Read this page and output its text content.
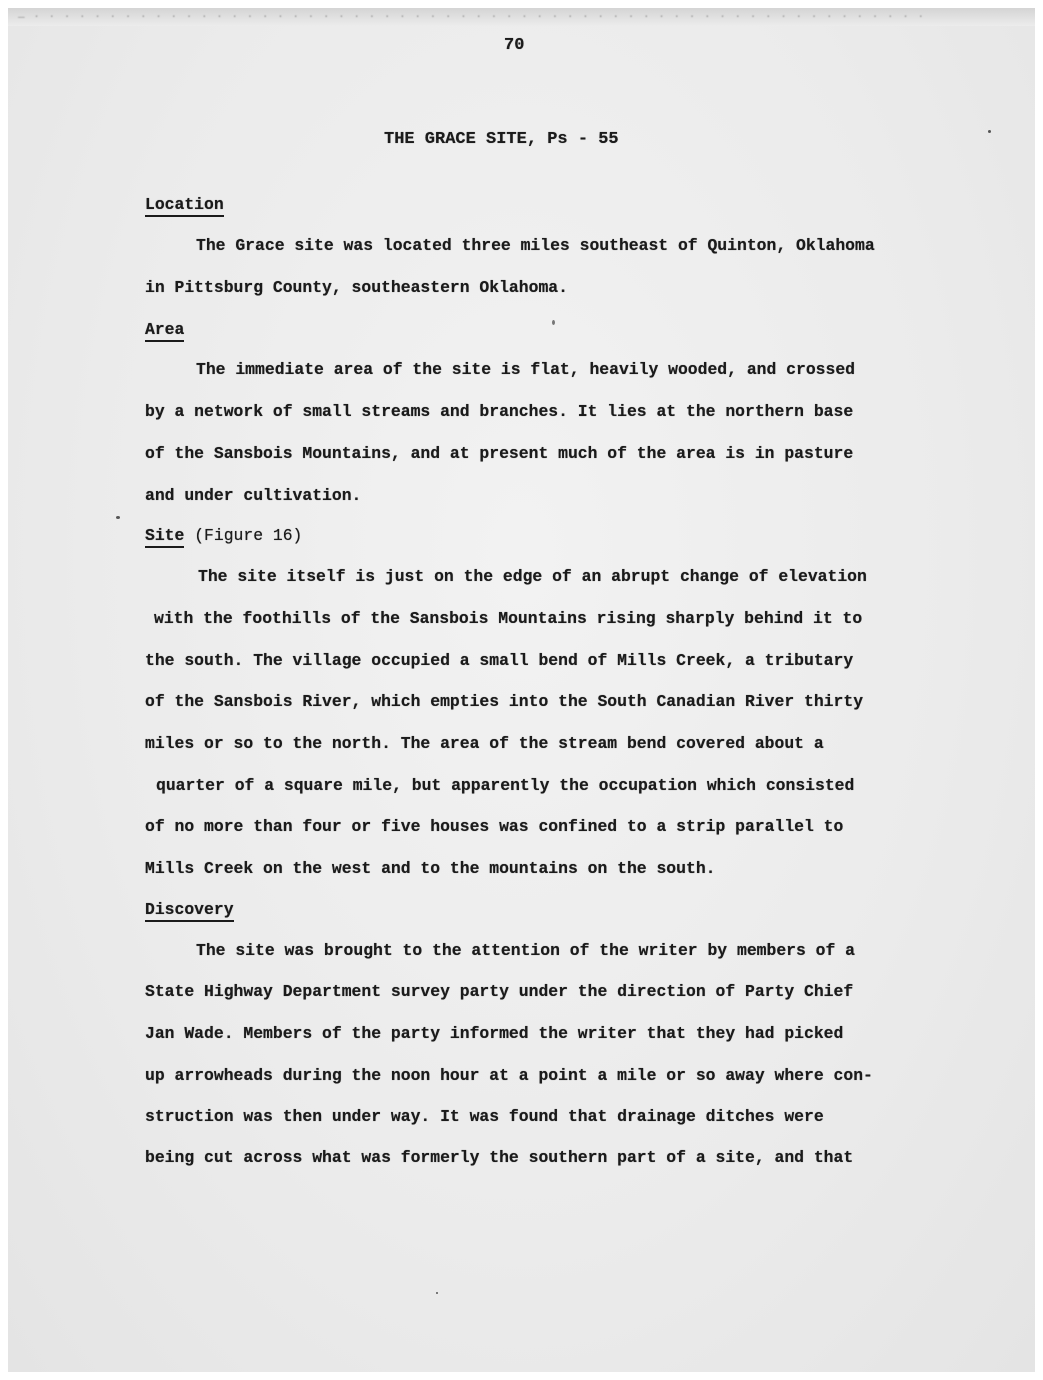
— · · · · · · · · · · · · · · · · · · · · · · · · · · · · · · · · · · · · · · · · · · · · · · · · · · · · · · · · · · ·
70
THE GRACE SITE, Ps - 55
Location
The Grace site was located three miles southeast of Quinton, Oklahoma
in Pittsburg County, southeastern Oklahoma.
Area
The immediate area of the site is flat, heavily wooded, and crossed
by a network of small streams and branches. It lies at the northern base
of the Sansbois Mountains, and at present much of the area is in pasture
and under cultivation.
Site (Figure 16)
The site itself is just on the edge of an abrupt change of elevation
with the foothills of the Sansbois Mountains rising sharply behind it to
the south. The village occupied a small bend of Mills Creek, a tributary
of the Sansbois River, which empties into the South Canadian River thirty
miles or so to the north. The area of the stream bend covered about a
quarter of a square mile, but apparently the occupation which consisted
of no more than four or five houses was confined to a strip parallel to
Mills Creek on the west and to the mountains on the south.
Discovery
The site was brought to the attention of the writer by members of a
State Highway Department survey party under the direction of Party Chief
Jan Wade. Members of the party informed the writer that they had picked
up arrowheads during the noon hour at a point a mile or so away where con-
struction was then under way. It was found that drainage ditches were
being cut across what was formerly the southern part of a site, and that
